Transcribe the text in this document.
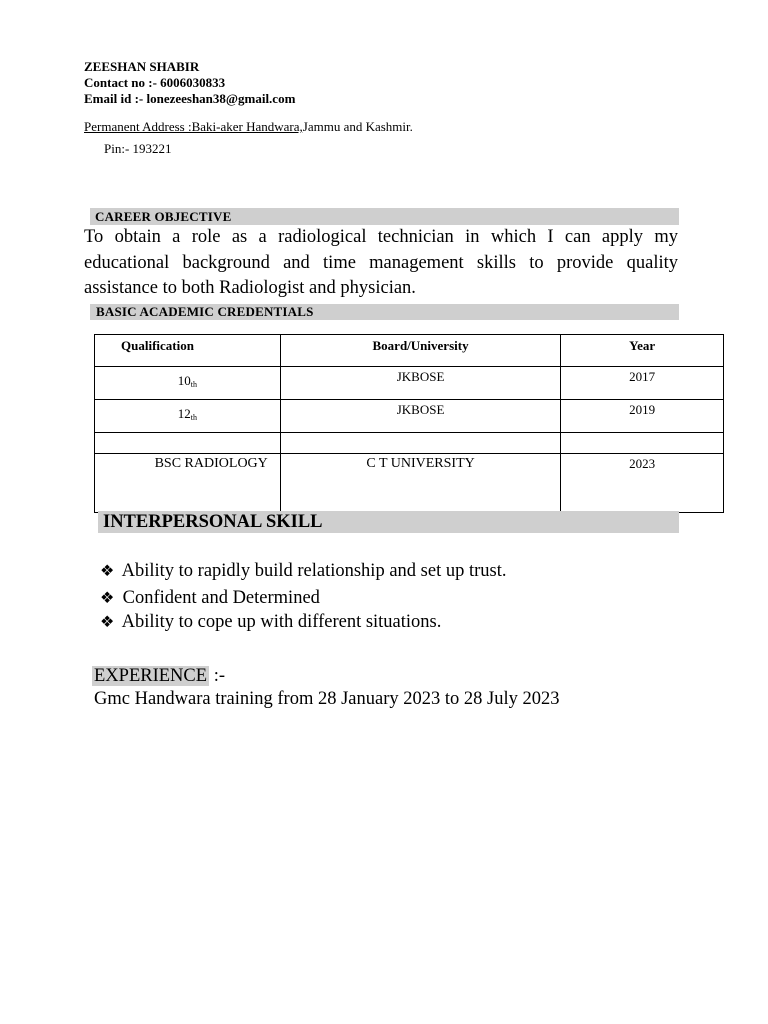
ZEESHAN SHABIR
Contact no :- 6006030833
Email id :- lonezeeshan38@gmail.com
Permanent Address :Baki-aker Handwara,Jammu and Kashmir.
Pin:- 193221
CAREER OBJECTIVE
To obtain a role as a radiological technician in which I can apply my educational background and time management skills to provide quality assistance to both Radiologist and physician.
BASIC ACADEMIC CREDENTIALS
Qualification	Board/University	Year
$10_{th}$	JKBOSE	2017
$12_{th}$	JKBOSE	2019

BSC RADIOLOGY	C T UNIVERSITY	2023
INTERPERSONAL SKILL
❖ Ability to rapidly build relationship and set up trust.
❖ Confident and Determined
❖ Ability to cope up with different situations.
EXPERIENCE :-
Gmc Handwara training from 28 January 2023 to 28 July 2023
